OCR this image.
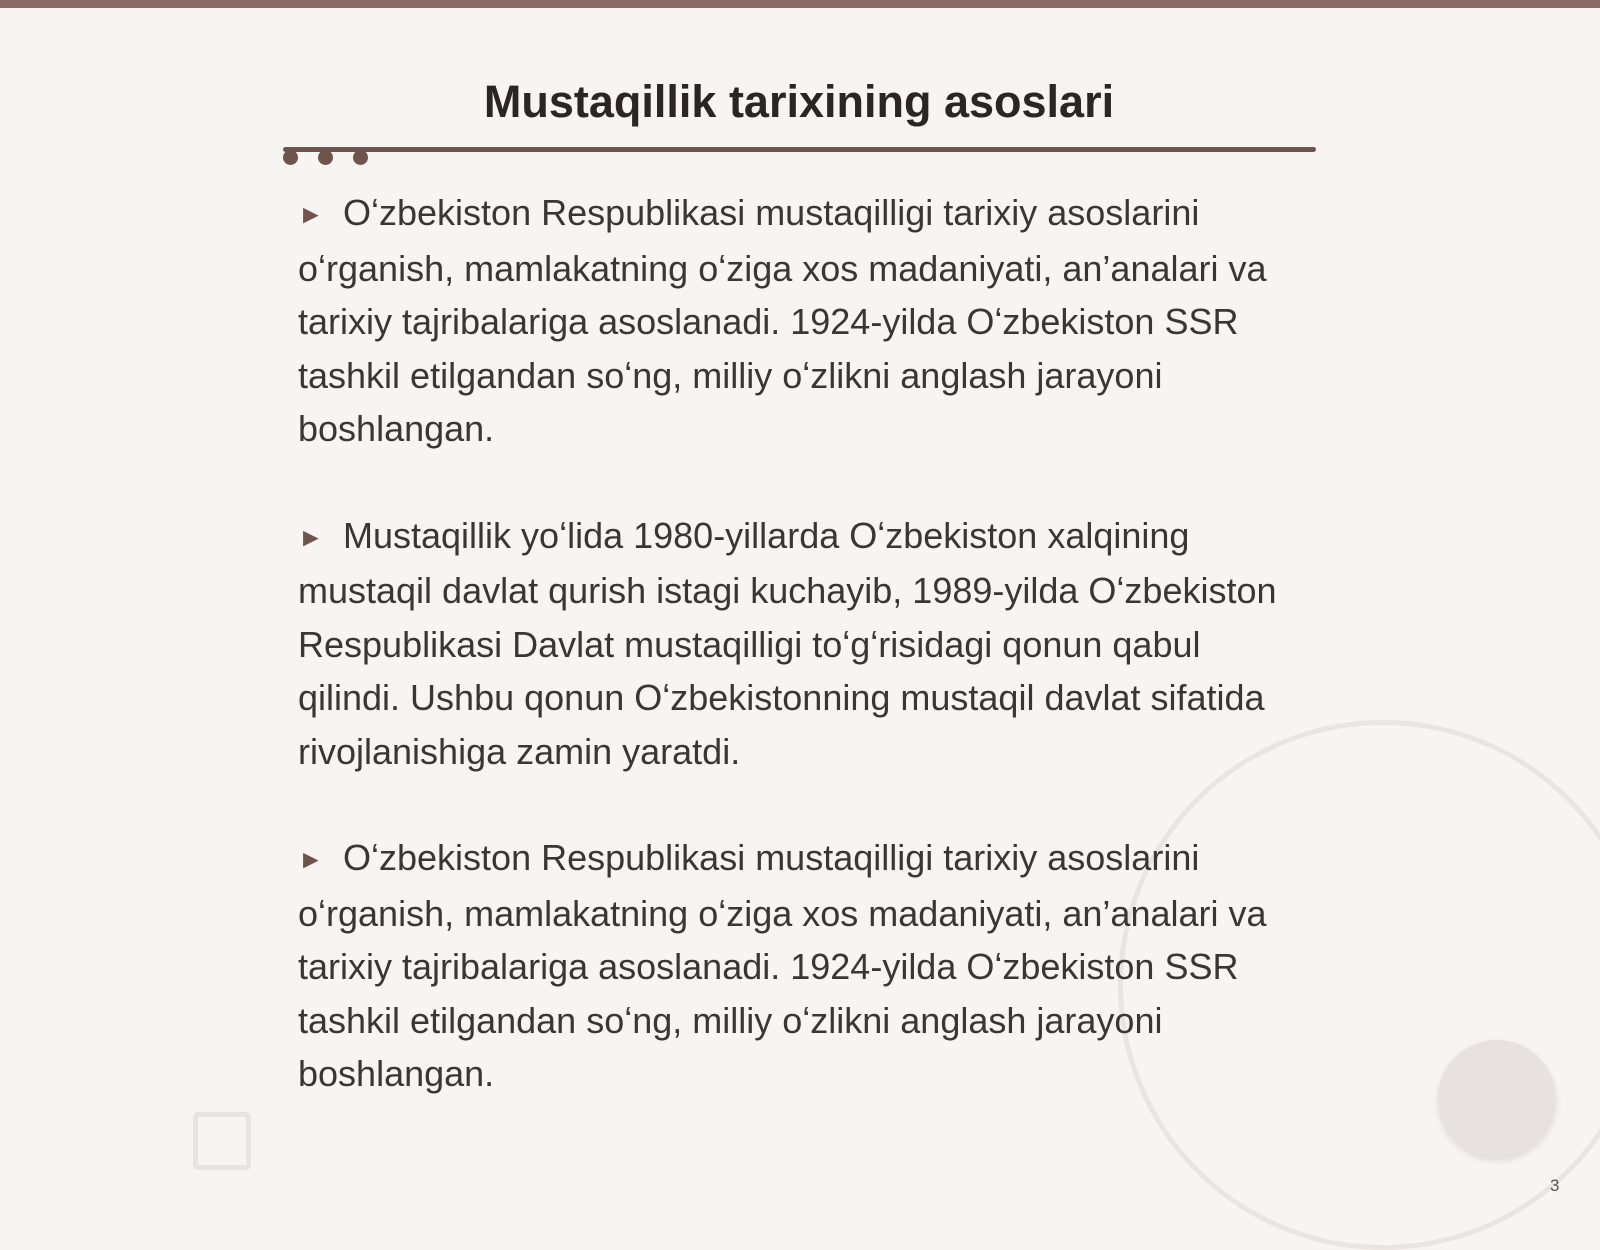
Mustaqillik tarixining asoslari

► Oʻzbekiston Respublikasi mustaqilligi tarixiy asoslarini oʻrganish, mamlakatning oʻziga xos madaniyati, an’analari va tarixiy tajribalariga asoslanadi. 1924-yilda Oʻzbekiston SSR tashkil etilgandan soʻng, milliy oʻzlikni anglash jarayoni boshlangan.

► Mustaqillik yoʻlida 1980-yillarda Oʻzbekiston xalqining mustaqil davlat qurish istagi kuchayib, 1989-yilda Oʻzbekiston Respublikasi Davlat mustaqilligi toʻgʻrisidagi qonun qabul qilindi. Ushbu qonun Oʻzbekistonning mustaqil davlat sifatida rivojlanishiga zamin yaratdi.

► Oʻzbekiston Respublikasi mustaqilligi tarixiy asoslarini oʻrganish, mamlakatning oʻziga xos madaniyati, an’analari va tarixiy tajribalariga asoslanadi. 1924-yilda Oʻzbekiston SSR tashkil etilgandan soʻng, milliy oʻzlikni anglash jarayoni boshlangan.

3
